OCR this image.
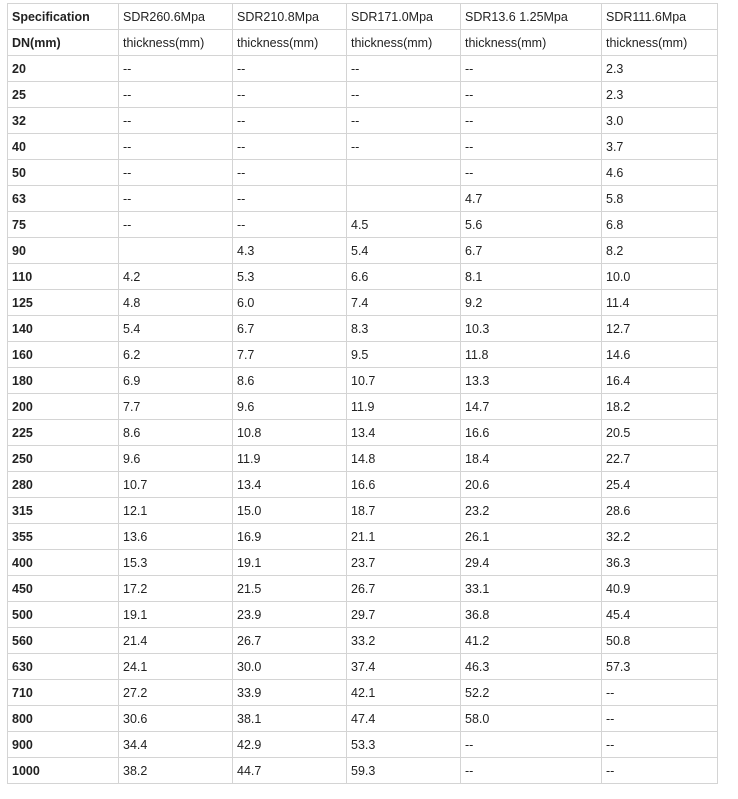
Specification	SDR260.6Mpa	SDR210.8Mpa	SDR171.0Mpa	SDR13.6 1.25Mpa	SDR111.6Mpa
DN(mm)	thickness(mm)	thickness(mm)	thickness(mm)	thickness(mm)	thickness(mm)
20	--	--	--	--	2.3
25	--	--	--	--	2.3
32	--	--	--	--	3.0
40	--	--	--	--	3.7
50	--	--		--	4.6
63	--	--		4.7	5.8
75	--	--	4.5	5.6	6.8
90		4.3	5.4	6.7	8.2
110	4.2	5.3	6.6	8.1	10.0
125	4.8	6.0	7.4	9.2	11.4
140	5.4	6.7	8.3	10.3	12.7
160	6.2	7.7	9.5	11.8	14.6
180	6.9	8.6	10.7	13.3	16.4
200	7.7	9.6	11.9	14.7	18.2
225	8.6	10.8	13.4	16.6	20.5
250	9.6	11.9	14.8	18.4	22.7
280	10.7	13.4	16.6	20.6	25.4
315	12.1	15.0	18.7	23.2	28.6
355	13.6	16.9	21.1	26.1	32.2
400	15.3	19.1	23.7	29.4	36.3
450	17.2	21.5	26.7	33.1	40.9
500	19.1	23.9	29.7	36.8	45.4
560	21.4	26.7	33.2	41.2	50.8
630	24.1	30.0	37.4	46.3	57.3
710	27.2	33.9	42.1	52.2	--
800	30.6	38.1	47.4	58.0	--
900	34.4	42.9	53.3	--	--
1000	38.2	44.7	59.3	--	--
